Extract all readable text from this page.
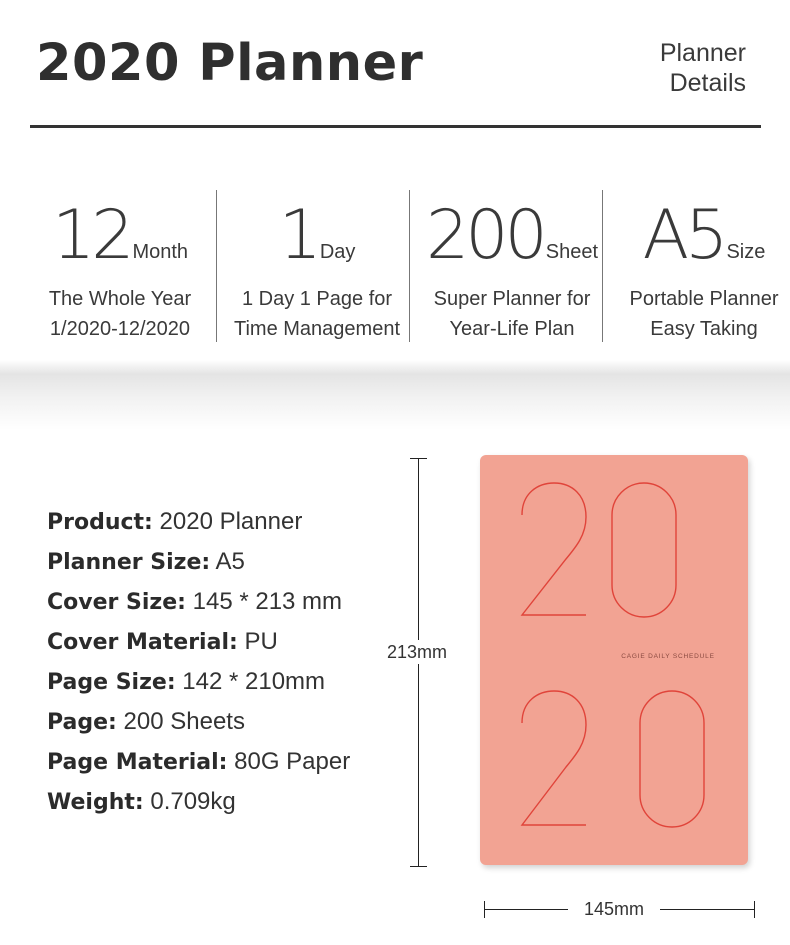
2020 Planner	Planner
Details
12 Month
The Whole Year
1/2020-12/2020
1 Day
1 Day 1 Page for
Time Management
200 Sheet
Super Planner for
Year-Life Plan
A5 Size
Portable Planner
Easy Taking
Product: 2020 Planner
Planner Size: A5
Cover Size: 145 * 213 mm
Cover Material: PU
Page Size: 142 * 210mm
Page: 200 Sheets
Page Material: 80G Paper
Weight: 0.709kg
213mm
145mm
CAGIE DAILY SCHEDULE
